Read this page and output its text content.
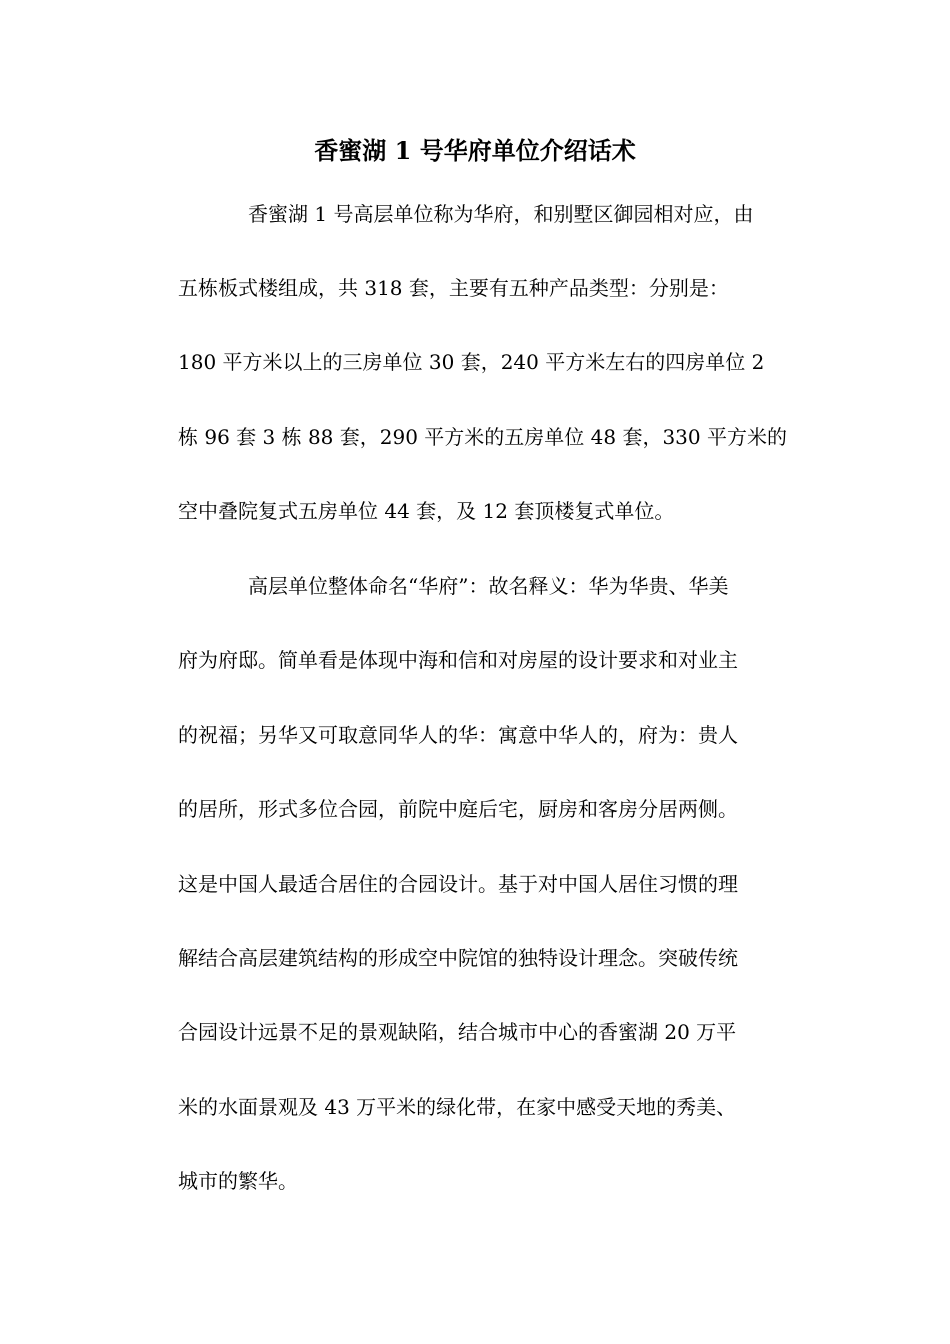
香蜜湖 1 号华府单位介绍话术

香蜜湖 1 号高层单位称为华府，和别墅区御园相对应，由

五栋板式楼组成，共 318 套，主要有五种产品类型：分别是：

180 平方米以上的三房单位 30 套，240 平方米左右的四房单位 2

栋 96 套 3 栋 88 套，290 平方米的五房单位 48 套，330 平方米的

空中叠院复式五房单位 44 套，及 12 套顶楼复式单位。

高层单位整体命名“华府”：故名释义：华为华贵、华美

府为府邸。简单看是体现中海和信和对房屋的设计要求和对业主

的祝福；另华又可取意同华人的华：寓意中华人的，府为：贵人

的居所，形式多位合园，前院中庭后宅，厨房和客房分居两侧。

这是中国人最适合居住的合园设计。基于对中国人居住习惯的理

解结合高层建筑结构的形成空中院馆的独特设计理念。突破传统

合园设计远景不足的景观缺陷，结合城市中心的香蜜湖 20 万平

米的水面景观及 43 万平米的绿化带，在家中感受天地的秀美、

城市的繁华。
